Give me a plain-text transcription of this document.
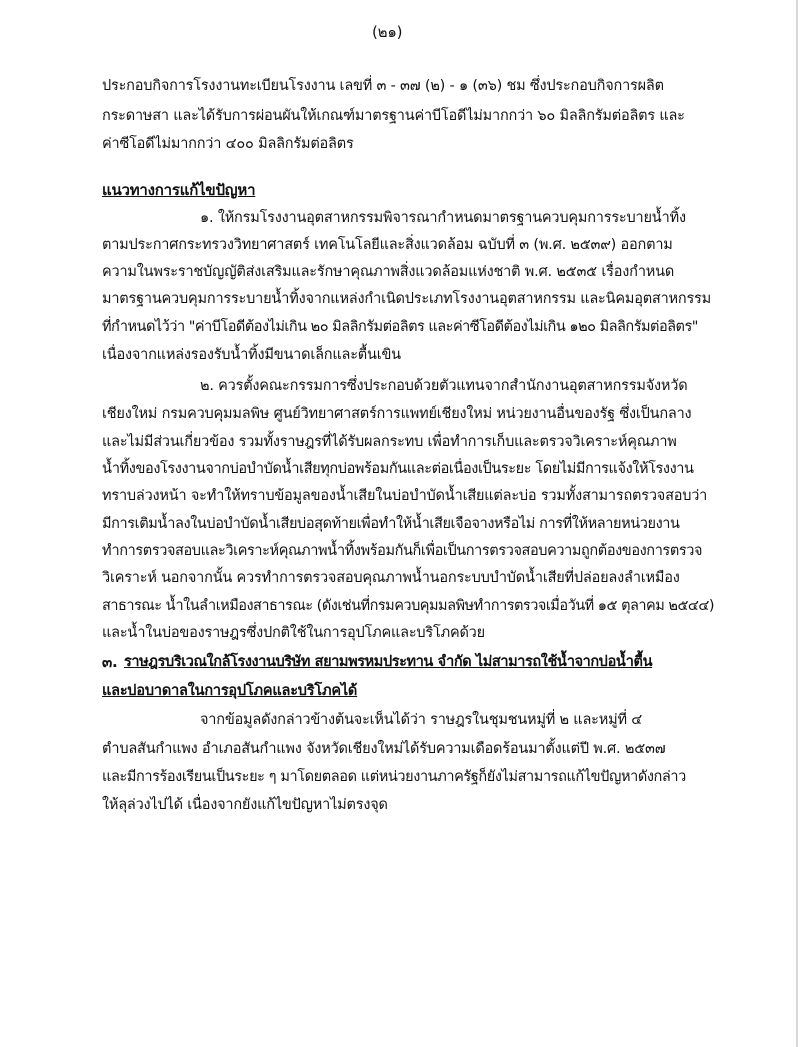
(๒๑)
ประกอบกิจการโรงงานทะเบียนโรงงาน เลขที่ ๓ - ๓๗ (๒) - ๑ (๓๖) ชม ซึ่งประกอบกิจการผลิต
กระดาษสา และได้รับการผ่อนผันให้เกณฑ์มาตรฐานค่าบีโอดีไม่มากกว่า ๖๐ มิลลิกรัมต่อลิตร และ
ค่าซีโอดีไม่มากกว่า ๔๐๐ มิลลิกรัมต่อลิตร
แนวทางการแก้ไขปัญหา
๑. ให้กรมโรงงานอุตสาหกรรมพิจารณากำหนดมาตรฐานควบคุมการระบายน้ำทิ้ง
ตามประกาศกระทรวงวิทยาศาสตร์ เทคโนโลยีและสิ่งแวดล้อม ฉบับที่ ๓ (พ.ศ. ๒๕๓๙) ออกตาม
ความในพระราชบัญญัติส่งเสริมและรักษาคุณภาพสิ่งแวดล้อมแห่งชาติ พ.ศ. ๒๕๓๕ เรื่องกำหนด
มาตรฐานควบคุมการระบายน้ำทิ้งจากแหล่งกำเนิดประเภทโรงงานอุตสาหกรรม และนิคมอุตสาหกรรม
ที่กำหนดไว้ว่า "ค่าบีโอดีต้องไม่เกิน ๒๐ มิลลิกรัมต่อลิตร และค่าซีโอดีต้องไม่เกิน ๑๒๐ มิลลิกรัมต่อลิตร"
เนื่องจากแหล่งรองรับน้ำทิ้งมีขนาดเล็กและตื้นเขิน
๒. ควรตั้งคณะกรรมการซึ่งประกอบด้วยตัวแทนจากสำนักงานอุตสาหกรรมจังหวัด
เชียงใหม่ กรมควบคุมมลพิษ ศูนย์วิทยาศาสตร์การแพทย์เชียงใหม่ หน่วยงานอื่นของรัฐ ซึ่งเป็นกลาง
และไม่มีส่วนเกี่ยวข้อง รวมทั้งราษฎรที่ได้รับผลกระทบ เพื่อทำการเก็บและตรวจวิเคราะห์คุณภาพ
น้ำทิ้งของโรงงานจากบ่อบำบัดน้ำเสียทุกบ่อพร้อมกันและต่อเนื่องเป็นระยะ โดยไม่มีการแจ้งให้โรงงาน
ทราบล่วงหน้า จะทำให้ทราบข้อมูลของน้ำเสียในบ่อบำบัดน้ำเสียแต่ละบ่อ รวมทั้งสามารถตรวจสอบว่า
มีการเติมน้ำลงในบ่อบำบัดน้ำเสียบ่อสุดท้ายเพื่อทำให้น้ำเสียเจือจางหรือไม่ การที่ให้หลายหน่วยงาน
ทำการตรวจสอบและวิเคราะห์คุณภาพน้ำทิ้งพร้อมกันก็เพื่อเป็นการตรวจสอบความถูกต้องของการตรวจ
วิเคราะห์ นอกจากนั้น ควรทำการตรวจสอบคุณภาพน้ำนอกระบบบำบัดน้ำเสียที่ปล่อยลงลำเหมือง
สาธารณะ น้ำในลำเหมืองสาธารณะ (ดังเช่นที่กรมควบคุมมลพิษทำการตรวจเมื่อวันที่ ๑๕ ตุลาคม ๒๕๔๔)
และน้ำในบ่อของราษฎรซึ่งปกติใช้ในการอุปโภคและบริโภคด้วย
๓. ราษฎรบริเวณใกล้โรงงานบริษัท สยามพรหมประทาน จำกัด ไม่สามารถใช้น้ำจากบ่อน้ำตื้น
และบ่อบาดาลในการอุปโภคและบริโภคได้
จากข้อมูลดังกล่าวข้างต้นจะเห็นได้ว่า ราษฎรในชุมชนหมู่ที่ ๒ และหมู่ที่ ๔
ตำบลสันกำแพง อำเภอสันกำแพง จังหวัดเชียงใหม่ได้รับความเดือดร้อนมาตั้งแต่ปี พ.ศ. ๒๕๓๗
และมีการร้องเรียนเป็นระยะ ๆ มาโดยตลอด แต่หน่วยงานภาครัฐก็ยังไม่สามารถแก้ไขปัญหาดังกล่าว
ให้ลุล่วงไปได้ เนื่องจากยังแก้ไขปัญหาไม่ตรงจุด
